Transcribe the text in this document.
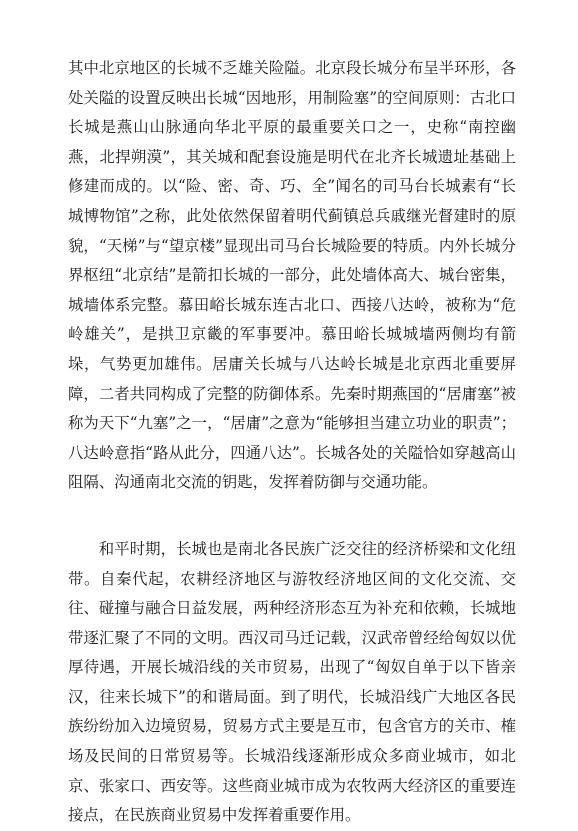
其中北京地区的长城不乏雄关险隘。北京段长城分布呈半环形，各处关隘的设置反映出长城“因地形，用制险塞”的空间原则：古北口长城是燕山山脉通向华北平原的最重要关口之一，史称“南控幽燕，北捍朔漠”，其关城和配套设施是明代在北齐长城遗址基础上修建而成的。以“险、密、奇、巧、全”闻名的司马台长城素有“长城博物馆”之称，此处依然保留着明代蓟镇总兵戚继光督建时的原貌，“天梯”与“望京楼”显现出司马台长城险要的特质。内外长城分界枢纽“北京结”是箭扣长城的一部分，此处墙体高大、城台密集，城墙体系完整。慕田峪长城东连古北口、西接八达岭，被称为“危岭雄关”，是拱卫京畿的军事要冲。慕田峪长城城墙两侧均有箭垛，气势更加雄伟。居庸关长城与八达岭长城是北京西北重要屏障，二者共同构成了完整的防御体系。先秦时期燕国的“居庸塞”被称为天下“九塞”之一，“居庸”之意为“能够担当建立功业的职责”；八达岭意指“路从此分，四通八达”。长城各处的关隘恰如穿越高山阻隔、沟通南北交流的钥匙，发挥着防御与交通功能。

和平时期，长城也是南北各民族广泛交往的经济桥梁和文化纽带。自秦代起，农耕经济地区与游牧经济地区间的文化交流、交往、碰撞与融合日益发展，两种经济形态互为补充和依赖，长城地带逐汇聚了不同的文明。西汉司马迁记载，汉武帝曾经给匈奴以优厚待遇，开展长城沿线的关市贸易，出现了“匈奴自单于以下皆亲汉，往来长城下”的和谐局面。到了明代，长城沿线广大地区各民族纷纷加入边境贸易，贸易方式主要是互市，包含官方的关市、榷场及民间的日常贸易等。长城沿线逐渐形成众多商业城市，如北京、张家口、西安等。这些商业城市成为农牧两大经济区的重要连接点，在民族商业贸易中发挥着重要作用。
